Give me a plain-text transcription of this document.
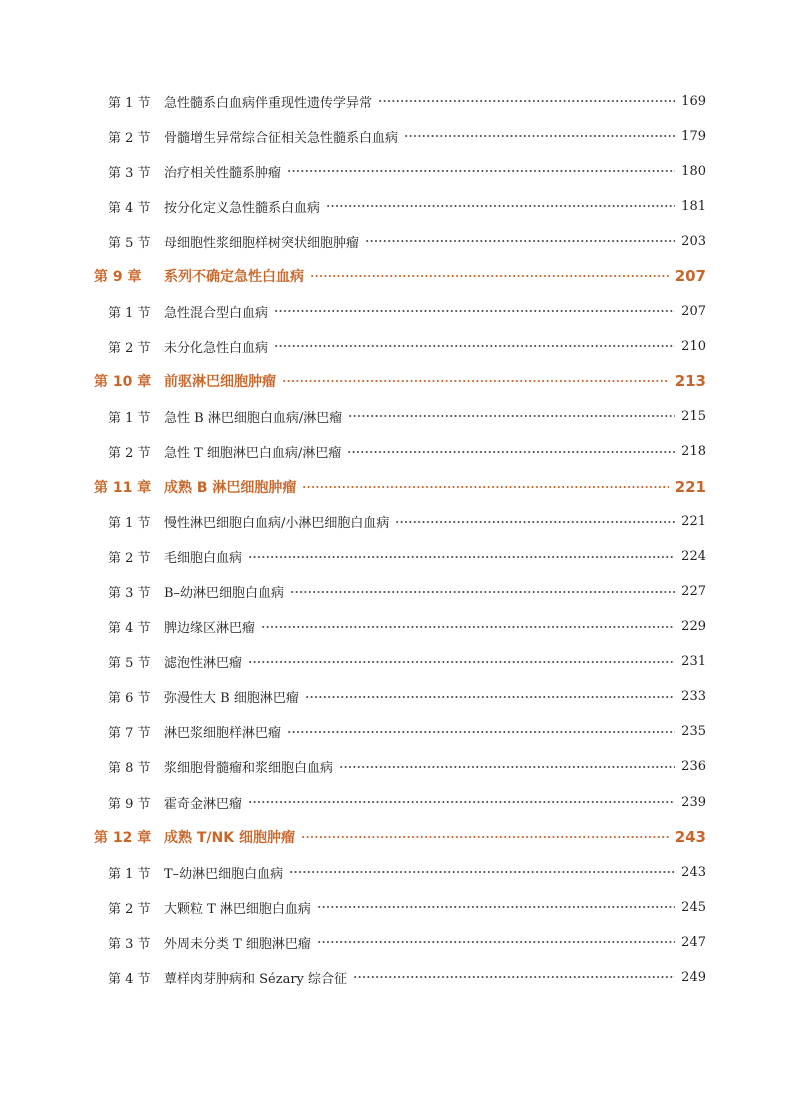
第 1 节 急性髓系白血病伴重现性遗传学异常	169
第 2 节 骨髓增生异常综合征相关急性髓系白血病	179
第 3 节 治疗相关性髓系肿瘤	180
第 4 节 按分化定义急性髓系白血病	181
第 5 节 母细胞性浆细胞样树突状细胞肿瘤	203
第 9 章 系列不确定急性白血病	207
第 1 节 急性混合型白血病	207
第 2 节 未分化急性白血病	210
第 10 章 前驱淋巴细胞肿瘤	213
第 1 节 急性 B 淋巴细胞白血病/淋巴瘤	215
第 2 节 急性 T 细胞淋巴白血病/淋巴瘤	218
第 11 章 成熟 B 淋巴细胞肿瘤	221
第 1 节 慢性淋巴细胞白血病/小淋巴细胞白血病	221
第 2 节 毛细胞白血病	224
第 3 节 B–幼淋巴细胞白血病	227
第 4 节 脾边缘区淋巴瘤	229
第 5 节 滤泡性淋巴瘤	231
第 6 节 弥漫性大 B 细胞淋巴瘤	233
第 7 节 淋巴浆细胞样淋巴瘤	235
第 8 节 浆细胞骨髓瘤和浆细胞白血病	236
第 9 节 霍奇金淋巴瘤	239
第 12 章 成熟 T/NK 细胞肿瘤	243
第 1 节 T–幼淋巴细胞白血病	243
第 2 节 大颗粒 T 淋巴细胞白血病	245
第 3 节 外周未分类 T 细胞淋巴瘤	247
第 4 节 蕈样肉芽肿病和 Sézary 综合征	249
